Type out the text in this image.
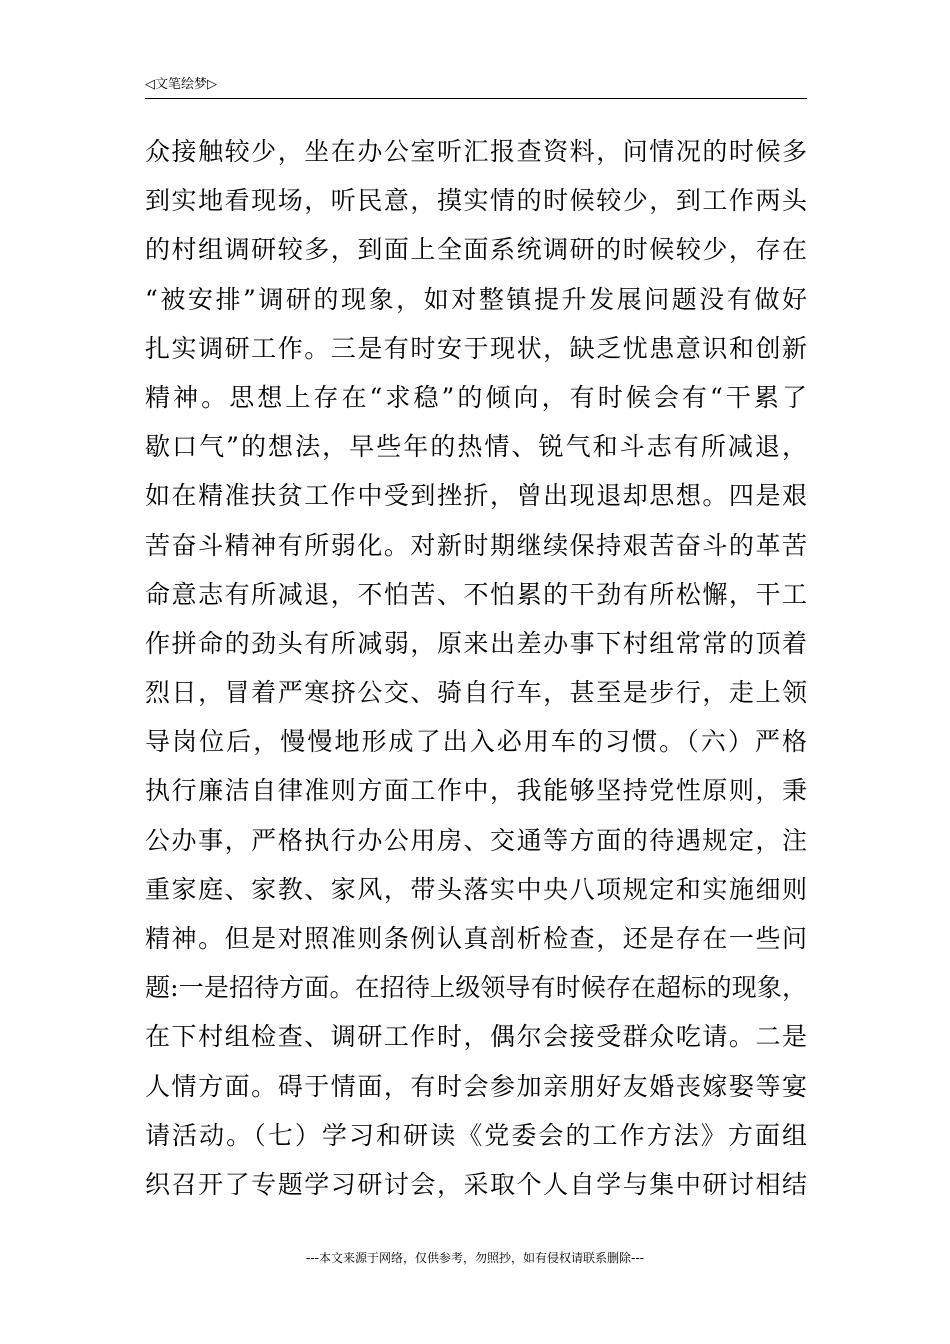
◁文笔绘梦▷
众接触较少，坐在办公室听汇报查资料，问情况的时候多
到实地看现场，听民意，摸实情的时候较少，到工作两头
的村组调研较多，到面上全面系统调研的时候较少，存在
“被安排”调研的现象，如对整镇提升发展问题没有做好
扎实调研工作。三是有时安于现状，缺乏忧患意识和创新
精神。思想上存在“求稳”的倾向，有时候会有“干累了
歇口气”的想法，早些年的热情、锐气和斗志有所减退，
如在精准扶贫工作中受到挫折，曾出现退却思想。四是艰
苦奋斗精神有所弱化。对新时期继续保持艰苦奋斗的革苦
命意志有所减退，不怕苦、不怕累的干劲有所松懈，干工
作拼命的劲头有所减弱，原来出差办事下村组常常的顶着
烈日，冒着严寒挤公交、骑自行车，甚至是步行，走上领
导岗位后，慢慢地形成了出入必用车的习惯。（六）严格
执行廉洁自律准则方面工作中，我能够坚持党性原则，秉
公办事，严格执行办公用房、交通等方面的待遇规定，注
重家庭、家教、家风，带头落实中央八项规定和实施细则
精神。但是对照准则条例认真剖析检查，还是存在一些问
题:一是招待方面。在招待上级领导有时候存在超标的现象，
在下村组检查、调研工作时，偶尔会接受群众吃请。二是
人情方面。碍于情面，有时会参加亲朋好友婚丧嫁娶等宴
请活动。（七）学习和研读《党委会的工作方法》方面组
织召开了专题学习研讨会，采取个人自学与集中研讨相结
---本文来源于网络，仅供参考，勿照抄，如有侵权请联系删除---
